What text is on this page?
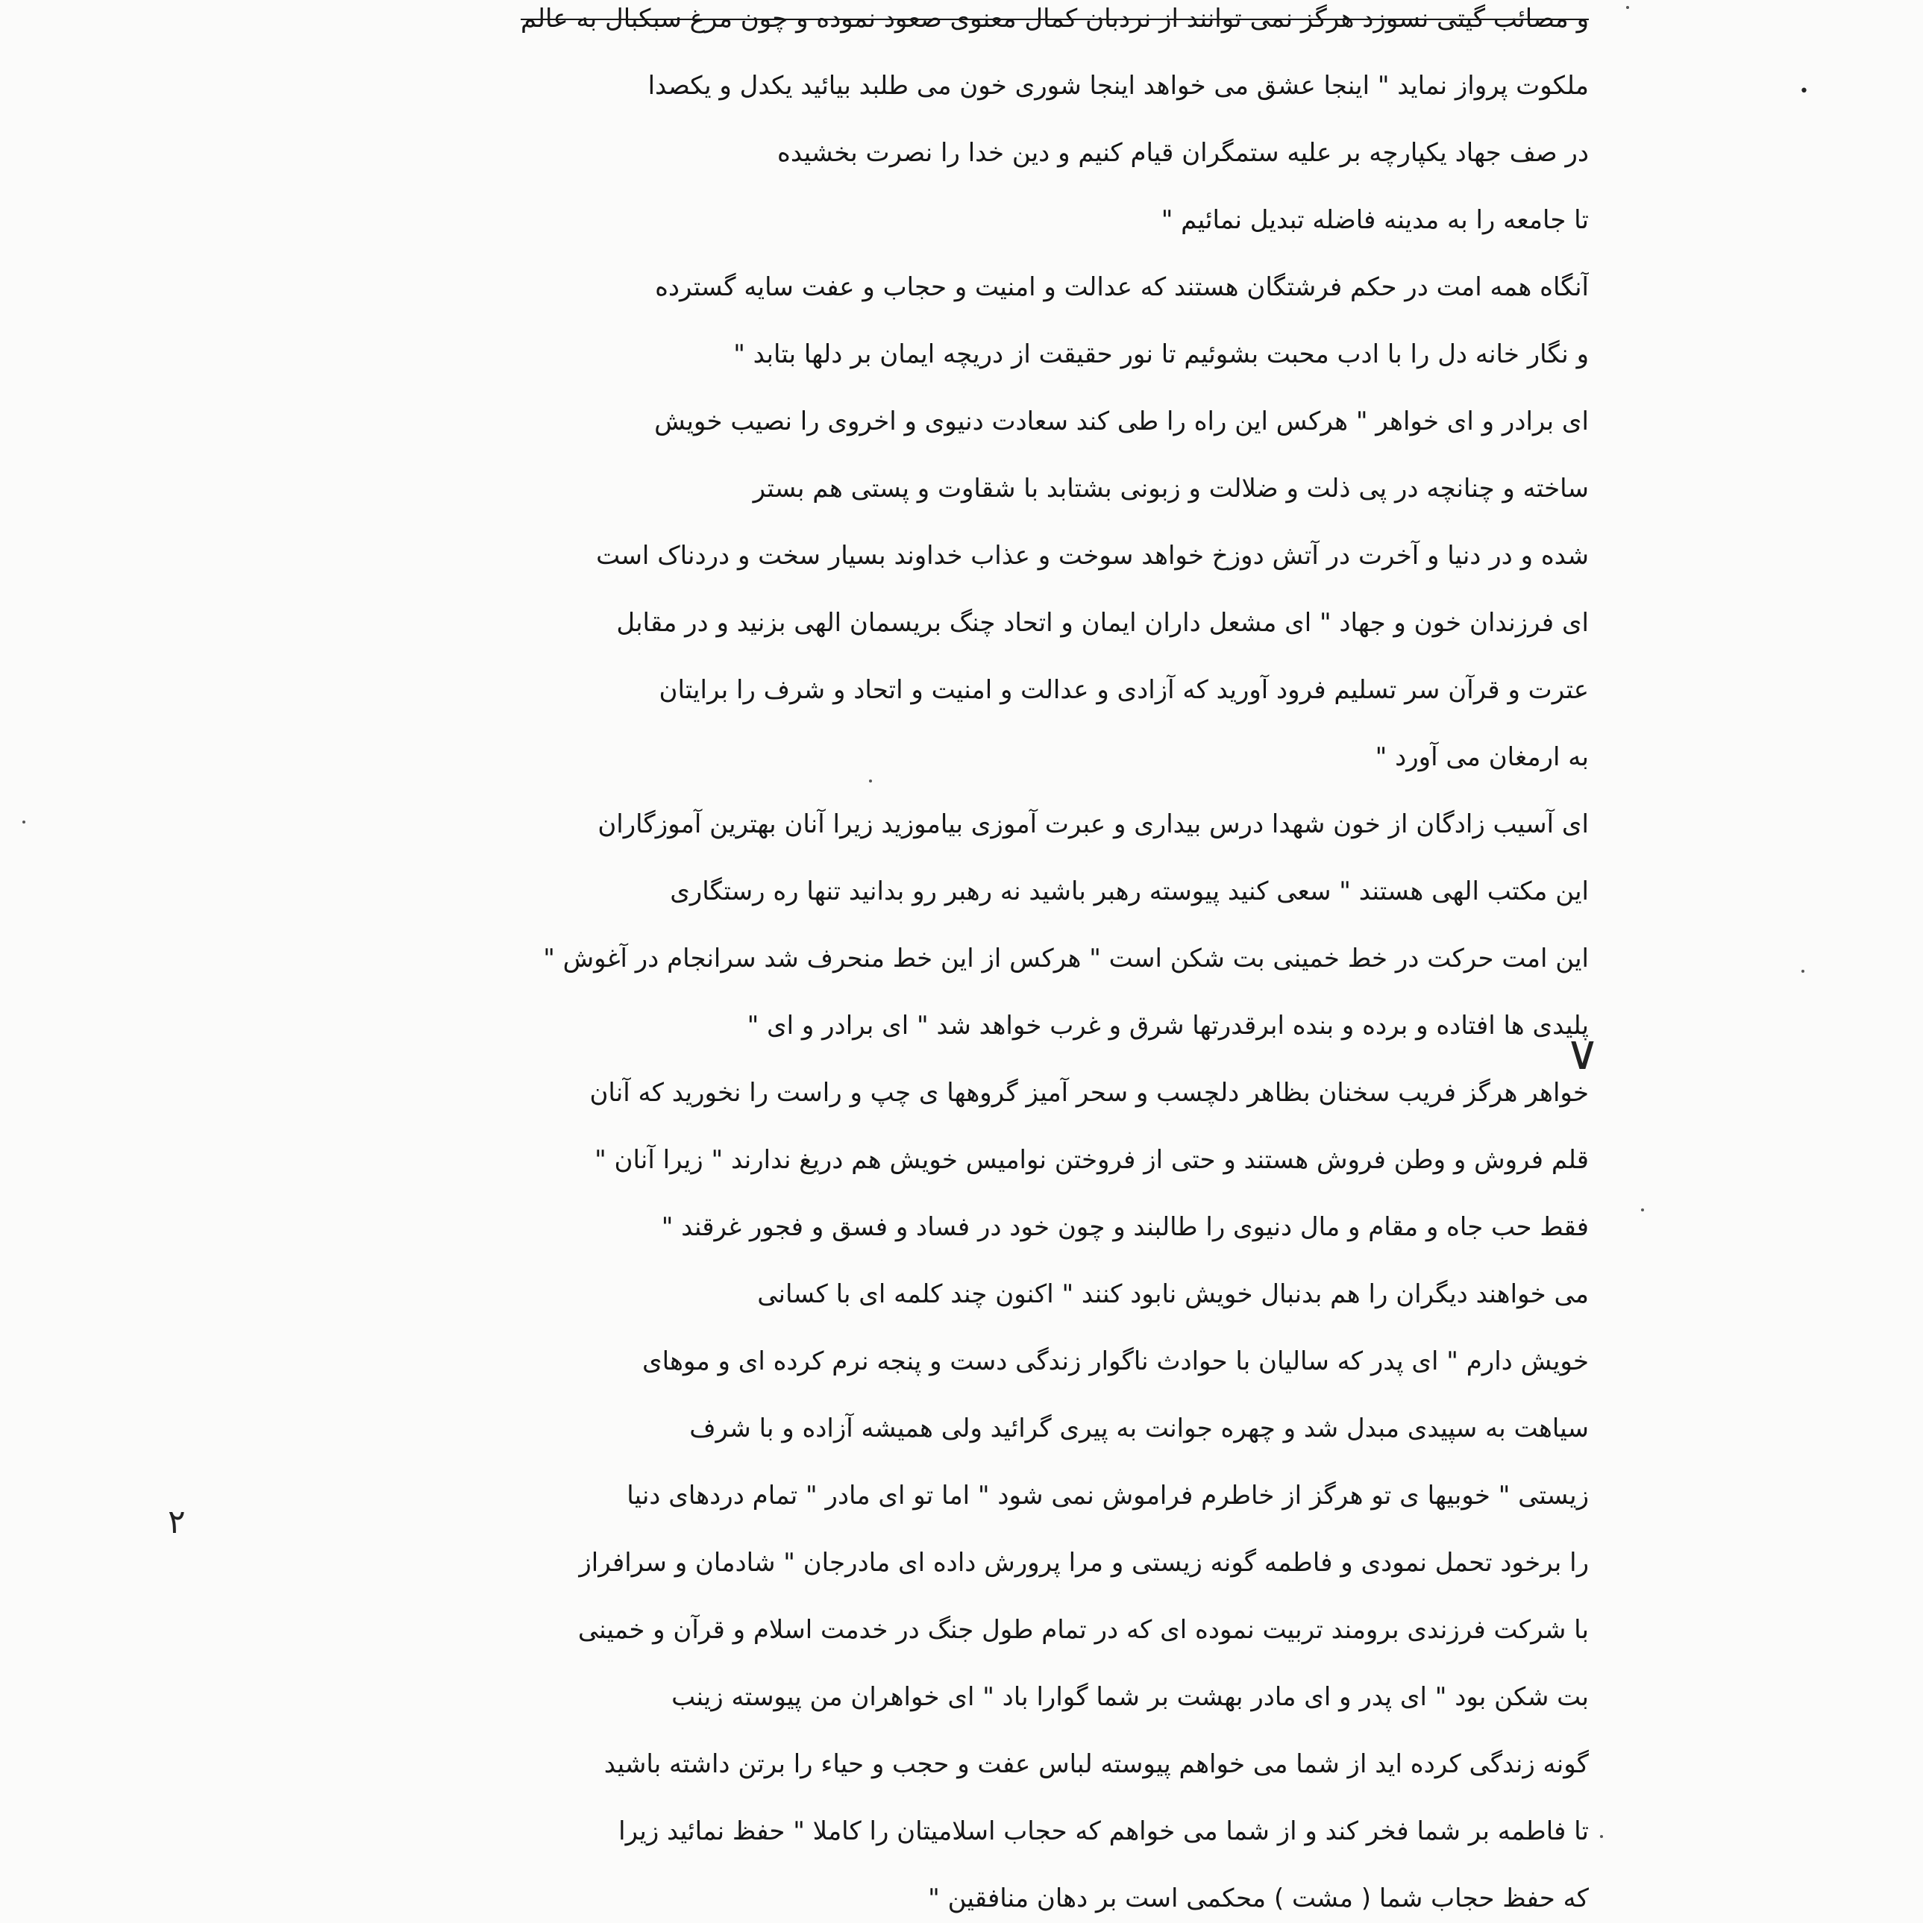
و مصائب گیتی نسوزد هرگز نمی توانند از نردبان کمال معنوی صعود نموده و چون مرغ سبکبال به عالم
ملکوت پرواز نماید " اینجا عشق می خواهد اینجا شوری خون می طلبد بیائید یکدل و یکصدا
در صف جهاد یکپارچه بر علیه ستمگران قیام کنیم و دین خدا را نصرت بخشیده
تا جامعه را به مدینه فاضله تبدیل نمائیم "
آنگاه همه امت در حکم فرشتگان هستند که عدالت و امنیت و حجاب و عفت سایه گسترده
و نگار خانه دل را با ادب محبت بشوئیم تا نور حقیقت از دریچه ایمان بر دلها بتابد "
ای برادر و ای خواهر " هرکس این راه را طی کند سعادت دنیوی و اخروی را نصیب خویش
ساخته و چنانچه در پی ذلت و ضلالت و زبونی بشتابد با شقاوت و پستی هم بستر
شده و در دنیا و آخرت در آتش دوزخ خواهد سوخت و عذاب خداوند بسیار سخت و دردناک است
ای فرزندان خون و جهاد " ای مشعل داران ایمان و اتحاد چنگ بریسمان الهی بزنید و در مقابل
عترت و قرآن سر تسلیم فرود آورید که آزادی و عدالت و امنیت و اتحاد و شرف را برایتان
به ارمغان می آورد "
ای آسیب زادگان از خون شهدا درس بیداری و عبرت آموزی بیاموزید زیرا آنان بهترین آموزگاران
این مکتب الهی هستند " سعی کنید پیوسته رهبر باشید نه رهبر رو بدانید تنها ره رستگاری
این امت حرکت در خط خمینی بت شکن است " هرکس از این خط منحرف شد سرانجام در آغوش "
پلیدی ها افتاده و برده و بنده ابرقدرتها شرق و غرب خواهد شد " ای برادر و ای "
خواهر هرگز فریب سخنان بظاهر دلچسب و سحر آمیز گروهها ی چپ و راست را نخورید که آنان
قلم فروش و وطن فروش هستند و حتی از فروختن نوامیس خویش هم دریغ ندارند " زیرا آنان "
فقط حب جاه و مقام و مال دنیوی را طالبند و چون خود در فساد و فسق و فجور غرقند "
می خواهند دیگران را هم بدنبال خویش نابود کنند " اکنون چند کلمه ای با کسانی
خویش دارم " ای پدر که سالیان با حوادث ناگوار زندگی دست و پنجه نرم کرده ای و موهای
سیاهت به سپیدی مبدل شد و چهره جوانت به پیری گرائید ولی همیشه آزاده و با شرف
زیستی " خوبیها ی تو هرگز از خاطرم فراموش نمی شود " اما تو ای مادر " تمام دردهای دنیا
را برخود تحمل نمودی و فاطمه گونه زیستی و مرا پرورش داده ای مادرجان " شادمان و سرافراز
با شرکت فرزندی برومند تربیت نموده ای که در تمام طول جنگ در خدمت اسلام و قرآن و خمینی
بت شکن بود " ای پدر و ای مادر بهشت بر شما گوارا باد " ای خواهران من پیوسته زینب
گونه زندگی کرده اید از شما می خواهم پیوسته لباس عفت و حجب و حیاء را برتن داشته باشید
تا فاطمه بر شما فخر کند و از شما می خواهم که حجاب اسلامیتان را کاملا " حفظ نمائید زیرا
که حفظ حجاب شما ( مشت ) محکمی است بر دهان منافقین "
∨
٢
•
